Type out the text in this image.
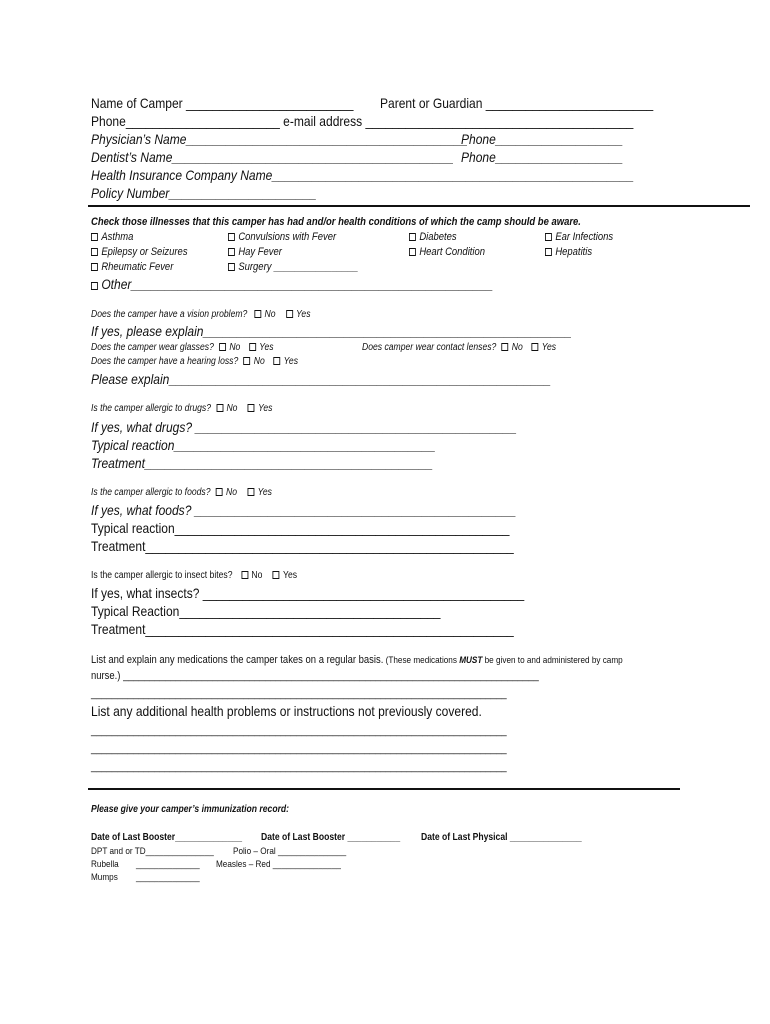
Name of Camper _________________________ Parent or Guardian _________________________
Phone_______________________ e-mail address ________________________________________
Physician’s Name__________________________________________
Phone___________________
Dentist’s Name__________________________________________ Phone___________________
Health Insurance Company Name______________________________________________________
Policy Number______________________
Check those illnesses that this camper has had and/or health conditions of which the camp should be aware.
Asthma
Epilepsy or Seizures
Rheumatic Fever
Convulsions with Fever
Hay Fever
Surgery ________________
Diabetes
Heart Condition
Ear Infections
Hepatitis
Other______________________________________________________
Does the camper have a vision problem? No Yes
If yes, please explain_______________________________________________________
Does the camper wear glasses? No Yes	Does camper wear contact lenses? No Yes
Does the camper have a hearing loss? No Yes
Please explain_________________________________________________________
Is the camper allergic to drugs? No Yes
If yes, what drugs? ________________________________________________
Typical reaction_______________________________________
Treatment___________________________________________
Is the camper allergic to foods? No Yes
If yes, what foods? ________________________________________________
Typical reaction__________________________________________________
Treatment_______________________________________________________
Is the camper allergic to insect bites? No Yes
If yes, what insects? ________________________________________________
Typical Reaction_______________________________________
Treatment_______________________________________________________
List and explain any medications the camper takes on a regular basis. (These medications MUST be given to and administered by camp
nurse.) _______________________________________________________________________________
_______________________________________________________________________________
List any additional health problems or instructions not previously covered.
_______________________________________________________________________________
_______________________________________________________________________________
_______________________________________________________________________________
Please give your camper’s immunization record:
Date of Last Booster______________ Date of Last Booster ___________ Date of Last Physical _______________
DPT and or TD_______________ Polio – Oral _______________
Rubella ______________ Measles – Red _______________
Mumps ______________
